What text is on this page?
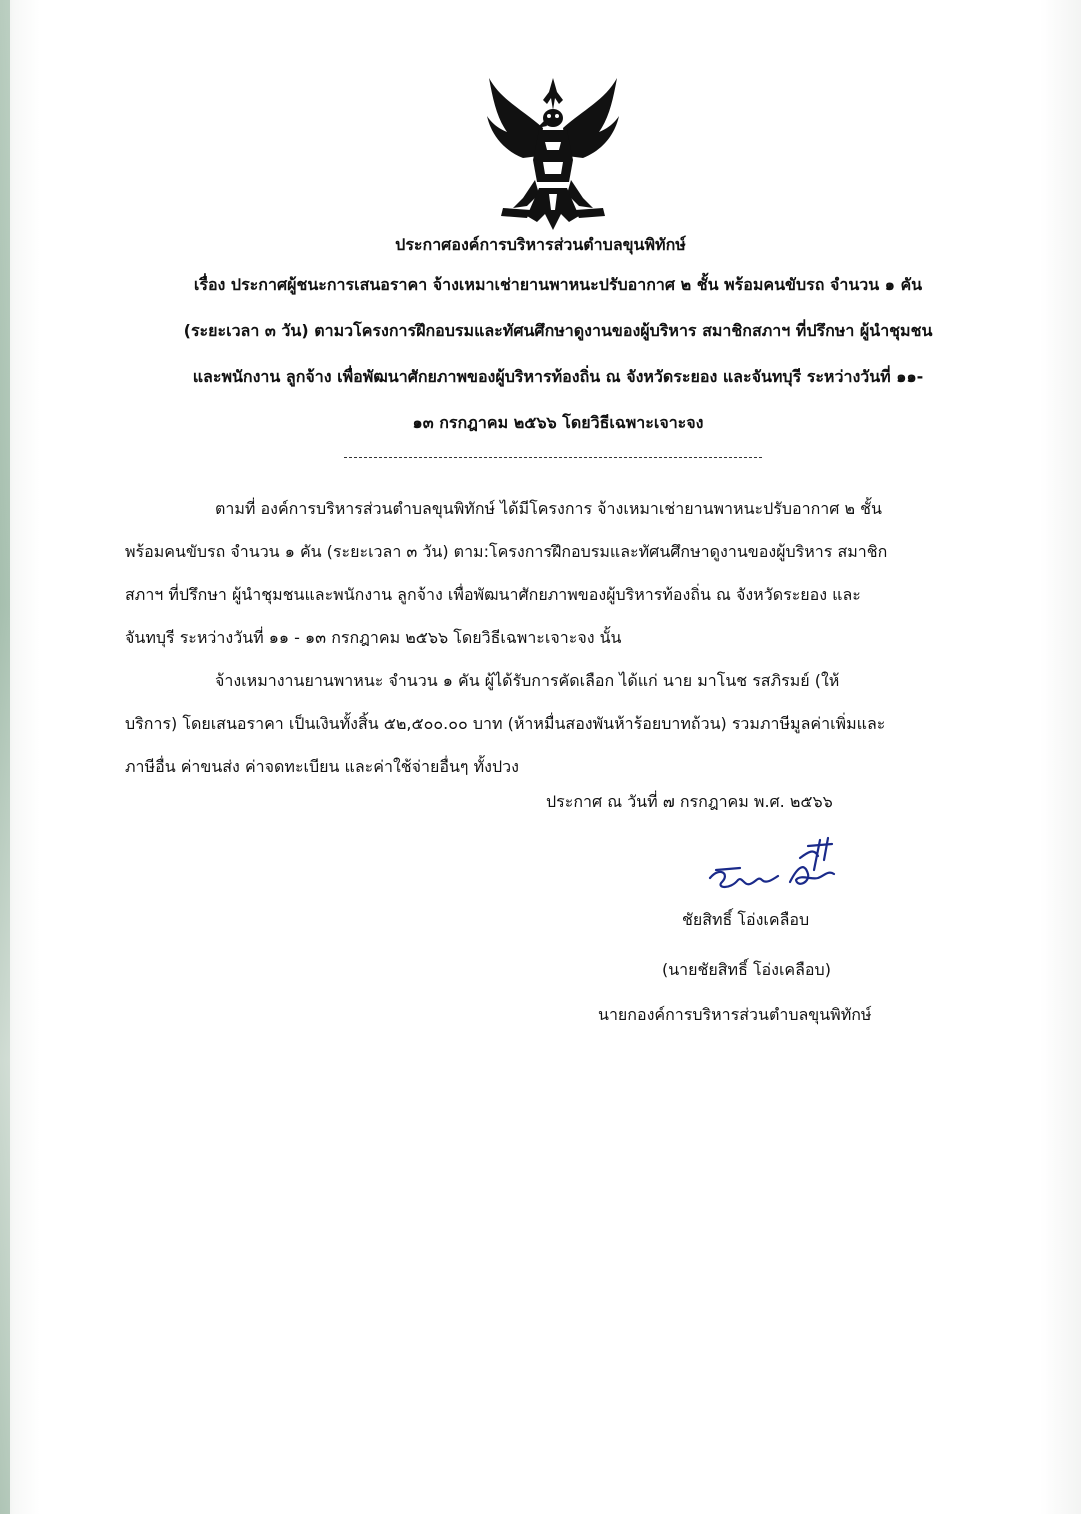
ประกาศองค์การบริหารส่วนตำบลขุนพิทักษ์
เรื่อง ประกาศผู้ชนะการเสนอราคา จ้างเหมาเช่ายานพาหนะปรับอากาศ ๒ ชั้น พร้อมคนขับรถ จำนวน ๑ คัน
(ระยะเวลา ๓ วัน) ตามวโครงการฝึกอบรมและทัศนศึกษาดูงานของผู้บริหาร สมาชิกสภาฯ ที่ปรึกษา ผู้นำชุมชน
และพนักงาน ลูกจ้าง เพื่อพัฒนาศักยภาพของผู้บริหารท้องถิ่น ณ จังหวัดระยอง และจันทบุรี ระหว่างวันที่ ๑๑-
๑๓ กรกฎาคม ๒๕๖๖ โดยวิธีเฉพาะเจาะจง
ตามที่ องค์การบริหารส่วนตำบลขุนพิทักษ์ ได้มีโครงการ จ้างเหมาเช่ายานพาหนะปรับอากาศ ๒ ชั้น
พร้อมคนขับรถ จำนวน ๑ คัน (ระยะเวลา ๓ วัน) ตาม:โครงการฝึกอบรมและทัศนศึกษาดูงานของผู้บริหาร สมาชิก
สภาฯ ที่ปรึกษา ผู้นำชุมชนและพนักงาน ลูกจ้าง เพื่อพัฒนาศักยภาพของผู้บริหารท้องถิ่น ณ จังหวัดระยอง และ
จันทบุรี ระหว่างวันที่ ๑๑ - ๑๓ กรกฎาคม ๒๕๖๖ โดยวิธีเฉพาะเจาะจง นั้น
จ้างเหมางานยานพาหนะ จำนวน ๑ คัน ผู้ได้รับการคัดเลือก ได้แก่ นาย มาโนช รสภิรมย์ (ให้
บริการ) โดยเสนอราคา เป็นเงินทั้งสิ้น ๕๒,๕๐๐.๐๐ บาท (ห้าหมื่นสองพันห้าร้อยบาทถ้วน) รวมภาษีมูลค่าเพิ่มและ
ภาษีอื่น ค่าขนส่ง ค่าจดทะเบียน และค่าใช้จ่ายอื่นๆ ทั้งปวง
ประกาศ ณ วันที่ ๗ กรกฎาคม พ.ศ. ๒๕๖๖
ชัยสิทธิ์ โอ่งเคลือบ
(นายชัยสิทธิ์ โอ่งเคลือบ)
นายกองค์การบริหารส่วนตำบลขุนพิทักษ์
